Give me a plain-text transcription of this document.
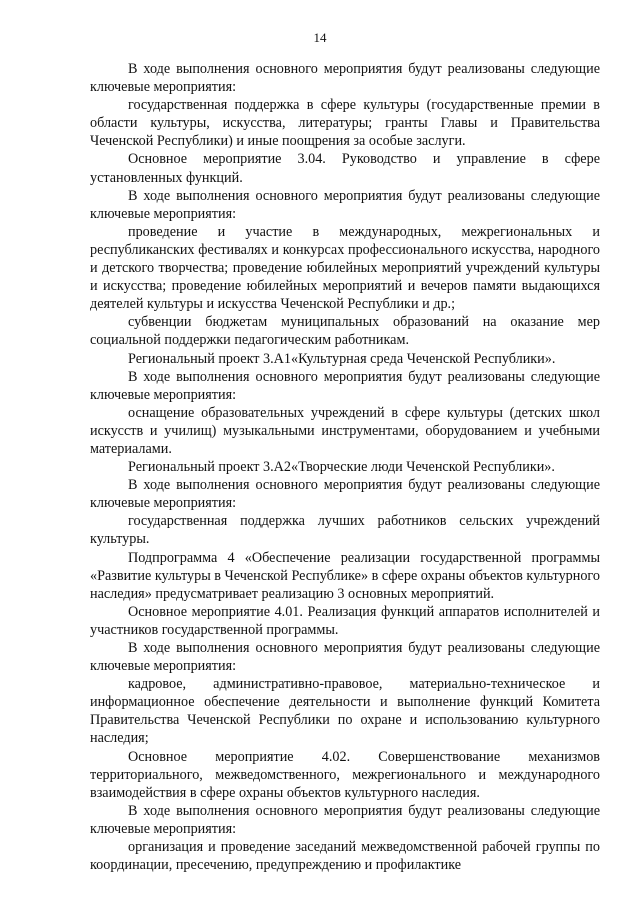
14

В ходе выполнения основного мероприятия будут реализованы следующие ключевые мероприятия:

государственная поддержка в сфере культуры (государственные премии в области культуры, искусства, литературы; гранты Главы и Правительства Чеченской Республики) и иные поощрения за особые заслуги.

Основное мероприятие 3.04. Руководство и управление в сфере установленных функций.

В ходе выполнения основного мероприятия будут реализованы следующие ключевые мероприятия:

проведение и участие в международных, межрегиональных и республиканских фестивалях и конкурсах профессионального искусства, народного и детского творчества; проведение юбилейных мероприятий учреждений культуры и искусства; проведение юбилейных мероприятий и вечеров памяти выдающихся деятелей культуры и искусства Чеченской Республики и др.;

субвенции бюджетам муниципальных образований на оказание мер социальной поддержки педагогическим работникам.

Региональный проект 3.А1«Культурная среда Чеченской Республики».

В ходе выполнения основного мероприятия будут реализованы следующие ключевые мероприятия:

оснащение образовательных учреждений в сфере культуры (детских школ искусств и училищ) музыкальными инструментами, оборудованием и учебными материалами.

Региональный проект 3.А2«Творческие люди Чеченской Республики».

В ходе выполнения основного мероприятия будут реализованы следующие ключевые мероприятия:

государственная поддержка лучших работников сельских учреждений культуры.

Подпрограмма 4 «Обеспечение реализации государственной программы «Развитие культуры в Чеченской Республике» в сфере охраны объектов культурного наследия» предусматривает реализацию 3 основных мероприятий.

Основное мероприятие 4.01. Реализация функций аппаратов исполнителей и участников государственной программы.

В ходе выполнения основного мероприятия будут реализованы следующие ключевые мероприятия:

кадровое, административно-правовое, материально-техническое и информационное обеспечение деятельности и выполнение функций Комитета Правительства Чеченской Республики по охране и использованию культурного наследия;

Основное мероприятие 4.02. Совершенствование механизмов территориального, межведомственного, межрегионального и международного взаимодействия в сфере охраны объектов культурного наследия.

В ходе выполнения основного мероприятия будут реализованы следующие ключевые мероприятия:

организация и проведение заседаний межведомственной рабочей группы по координации, пресечению, предупреждению и профилактике
